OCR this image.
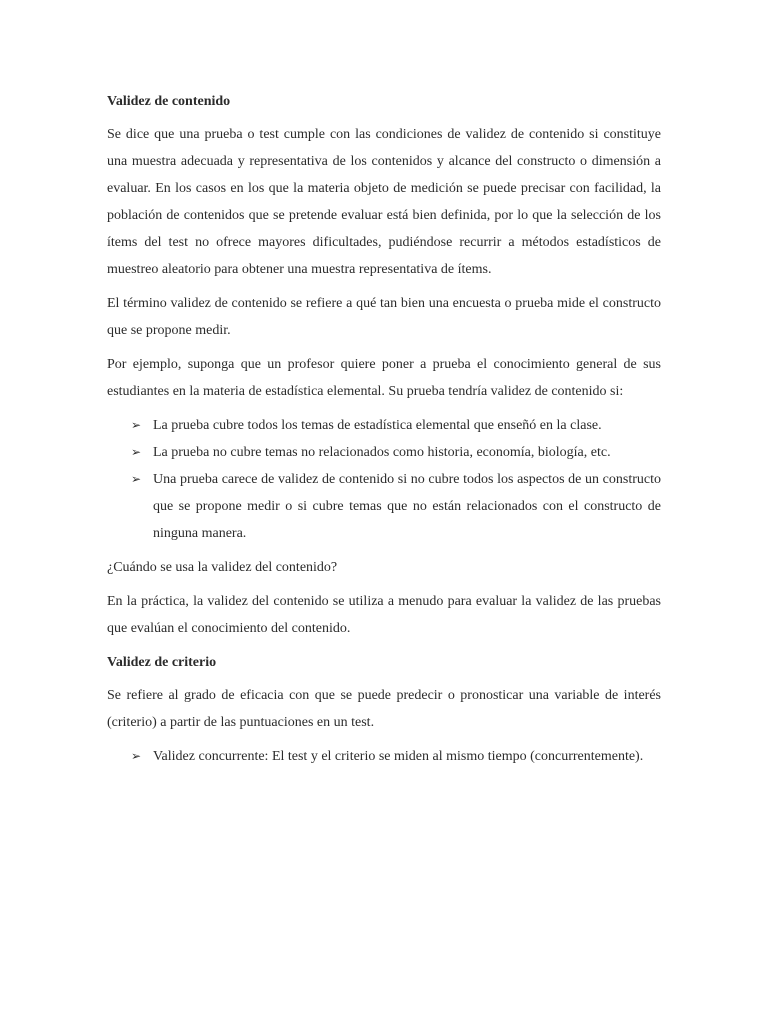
Validez de contenido

Se dice que una prueba o test cumple con las condiciones de validez de contenido si constituye una muestra adecuada y representativa de los contenidos y alcance del constructo o dimensión a evaluar. En los casos en los que la materia objeto de medición se puede precisar con facilidad, la población de contenidos que se pretende evaluar está bien definida, por lo que la selección de los ítems del test no ofrece mayores dificultades, pudiéndose recurrir a métodos estadísticos de muestreo aleatorio para obtener una muestra representativa de ítems.

El término validez de contenido se refiere a qué tan bien una encuesta o prueba mide el constructo que se propone medir.

Por ejemplo, suponga que un profesor quiere poner a prueba el conocimiento general de sus estudiantes en la materia de estadística elemental. Su prueba tendría validez de contenido si:

➢ La prueba cubre todos los temas de estadística elemental que enseñó en la clase.
➢ La prueba no cubre temas no relacionados como historia, economía, biología, etc.
➢ Una prueba carece de validez de contenido si no cubre todos los aspectos de un constructo que se propone medir o si cubre temas que no están relacionados con el constructo de ninguna manera.

¿Cuándo se usa la validez del contenido?

En la práctica, la validez del contenido se utiliza a menudo para evaluar la validez de las pruebas que evalúan el conocimiento del contenido.

Validez de criterio

Se refiere al grado de eficacia con que se puede predecir o pronosticar una variable de interés (criterio) a partir de las puntuaciones en un test.

➢ Validez concurrente: El test y el criterio se miden al mismo tiempo (concurrentemente).
